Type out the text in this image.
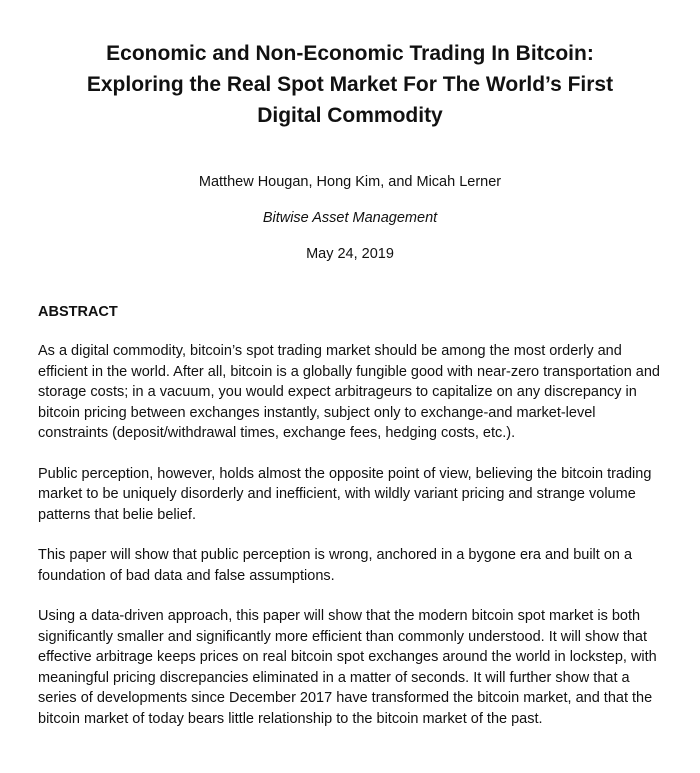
Economic and Non-Economic Trading In Bitcoin:
Exploring the Real Spot Market For The World’s First
Digital Commodity
Matthew Hougan, Hong Kim, and Micah Lerner
Bitwise Asset Management
May 24, 2019
ABSTRACT

As a digital commodity, bitcoin’s spot trading market should be among the most orderly and efficient in the world. After all, bitcoin is a globally fungible good with near-zero transportation and storage costs; in a vacuum, you would expect arbitrageurs to capitalize on any discrepancy in bitcoin pricing between exchanges instantly, subject only to exchange-and market-level constraints (deposit/withdrawal times, exchange fees, hedging costs, etc.).

Public perception, however, holds almost the opposite point of view, believing the bitcoin trading market to be uniquely disorderly and inefficient, with wildly variant pricing and strange volume patterns that belie belief.

This paper will show that public perception is wrong, anchored in a bygone era and built on a foundation of bad data and false assumptions.

Using a data-driven approach, this paper will show that the modern bitcoin spot market is both significantly smaller and significantly more efficient than commonly understood. It will show that effective arbitrage keeps prices on real bitcoin spot exchanges around the world in lockstep, with meaningful pricing discrepancies eliminated in a matter of seconds. It will further show that a series of developments since December 2017 have transformed the bitcoin market, and that the bitcoin market of today bears little relationship to the bitcoin market of the past.
